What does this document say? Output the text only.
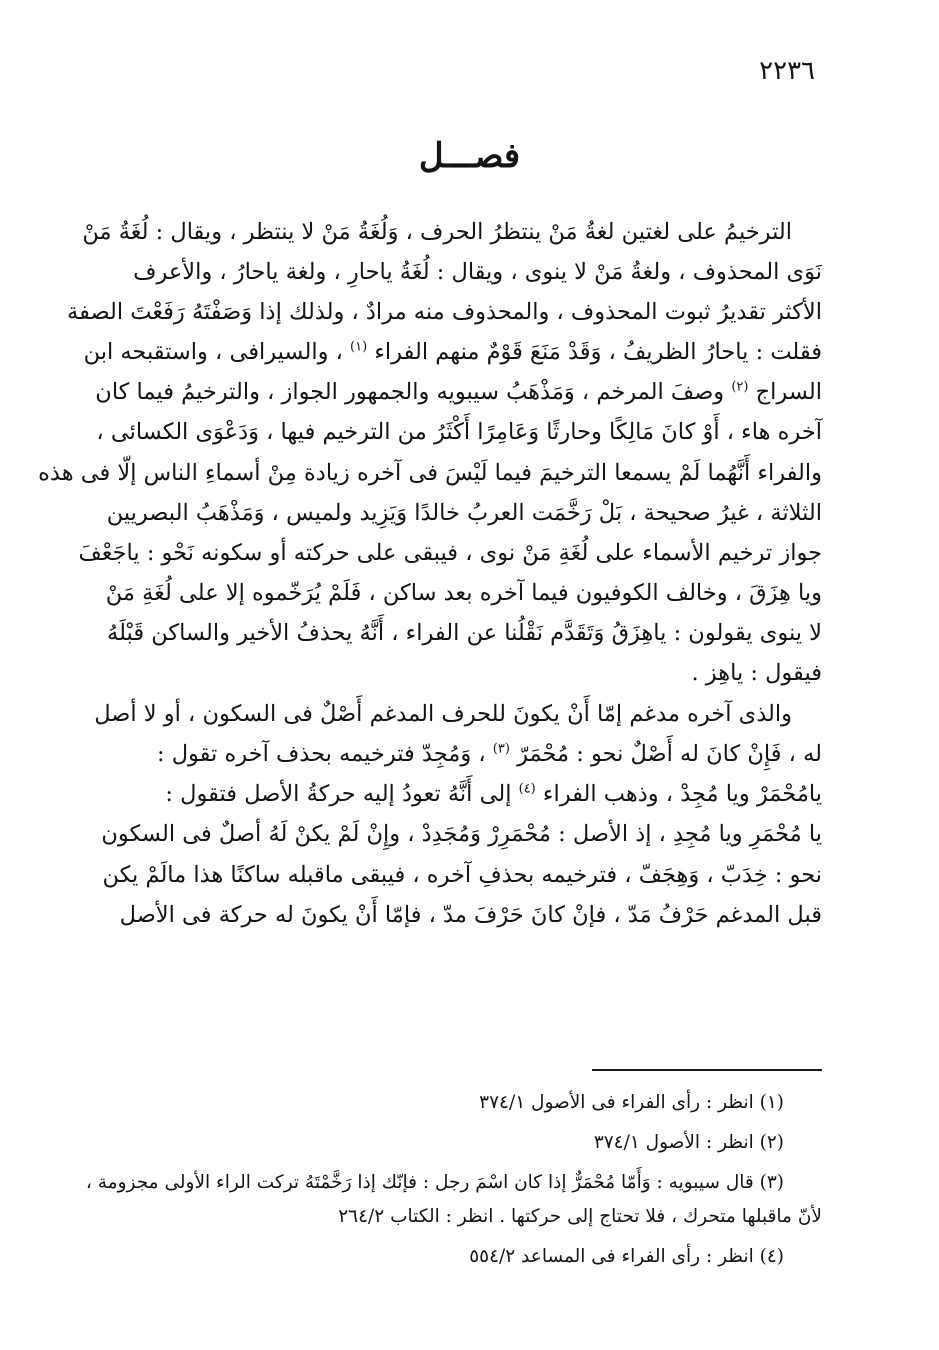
٢٢٣٦
فصـــل

الترخيمُ على لغتين لغةُ مَنْ ينتظرُ الحرف ، وَلُغَةُ مَنْ لا ينتظر ، ويقال : لُغَةُ مَنْ
نَوَى المحذوف ، ولغةُ مَنْ لا ينوى ، ويقال : لُغَةُ ياحارِ ، ولغة ياحارُ ، والأعرف
الأكثر تقديرُ ثبوت المحذوف ، والمحذوف منه مرادٌ ، ولذلك إذا وَصَفْتَهُ رَفَعْتَ الصفة
فقلت : ياحارُ الظريفُ ، وَقَدْ مَنَعَ قَوْمٌ منهم الفراء $^{(١)}$ ، والسيرافى ، واستقبحه ابن
السراج $^{(٢)}$ وصفَ المرخم ، وَمَذْهَبُ سيبويه والجمهور الجواز ، والترخيمُ فيما كان
آخره هاء ، أَوْ كانَ مَالِكًا وحارثًا وَعَامِرًا أَكْثَرُ من الترخيم فيها ، وَدَعْوَى الكسائى ،
والفراء أَنَّهُما لَمْ يسمعا الترخيمَ فيما لَيْسَ فى آخره زيادة مِنْ أسماءِ الناس إلّا فى هذه
الثلاثة ، غيرُ صحيحة ، بَلْ رَخَّمَت العربُ خالدًا وَيَزِيد ولميس ، وَمَذْهَبُ البصريين
جواز ترخيم الأسماء على لُغَةِ مَنْ نوى ، فيبقى على حركته أو سكونه نَحْو : ياجَعْفَ
ويا هِزَقَ ، وخالف الكوفيون فيما آخره بعد ساكن ، فَلَمْ يُرَخّموه إلا على لُغَةِ مَنْ
لا ينوى يقولون : ياهِزَقُ وَتَقَدَّم نَقْلُنا عن الفراء ، أَنَّهُ يحذفُ الأخير والساكن قَبْلَهُ
فيقول : ياهِز .

والذى آخره مدغم إمّا أَنْ يكونَ للحرف المدغم أَصْلٌ فى السكون ، أو لا أصل
له ، فَإِنْ كانَ له أَصْلٌ نحو : مُحْمَرّ $^{(٣)}$ ، وَمُجِدّ فترخيمه بحذف آخره تقول :
يامُحْمَرْ ويا مُجِدْ ، وذهب الفراء $^{(٤)}$ إلى أَنَّهُ تعودُ إليه حركةُ الأصل فتقول :
يا مُحْمَرِ ويا مُجِدِ ، إذ الأصل : مُحْمَرِرْ وَمُجَدِدْ ، وإِنْ لَمْ يكنْ لَهُ أصلٌ فى السكون
نحو : خِدَبّ ، وَهِجَفّ ، فترخيمه بحذفِ آخره ، فيبقى ماقبله ساكنًا هذا مالَمْ يكن
قبل المدغم حَرْفُ مَدّ ، فإنْ كانَ حَرْفَ مدّ ، فإمّا أَنْ يكونَ له حركة فى الأصل

(١) انظر : رأى الفراء فى الأصول ٣٧٤/١
(٢) انظر : الأصول ٣٧٤/١
(٣) قال سيبويه : وَأَمّا مُحْمَرٌّ إذا كان اسْمَ رجل : فإنّك إذا رَخَّمْتَهُ تركت الراء الأولى مجزومة ،
لأنّ ماقبلها متحرك ، فلا تحتاج إلى حركتها . انظر : الكتاب ٢٦٤/٢
(٤) انظر : رأى الفراء فى المساعد ٥٥٤/٢
